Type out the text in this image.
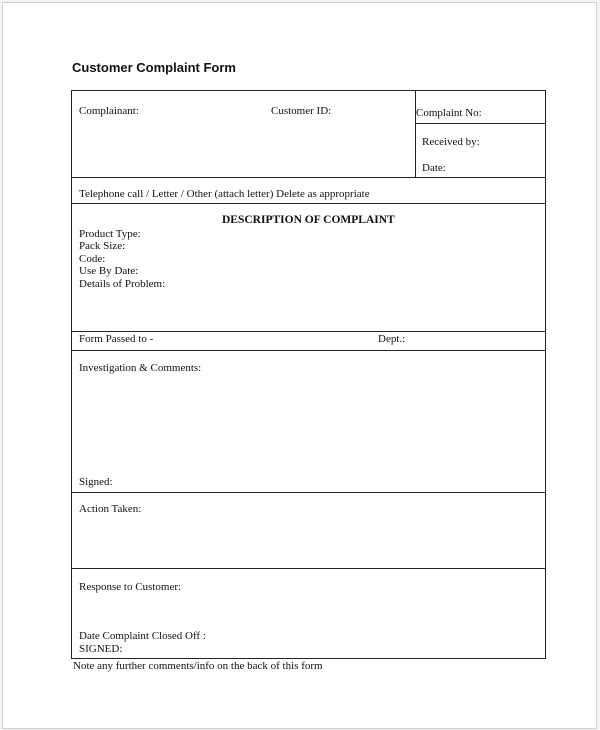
Customer Complaint Form
Complainant:	Customer ID:	Complaint No:
Received by:
Date:
Telephone call / Letter / Other (attach letter) Delete as appropriate
DESCRIPTION OF COMPLAINT
Product Type:
Pack Size:
Code:
Use By Date:
Details of Problem:
Form Passed to -	Dept.:
Investigation & Comments:
Signed:
Action Taken:
Response to Customer:
Date Complaint Closed Off :
SIGNED:
Note any further comments/info on the back of this form
